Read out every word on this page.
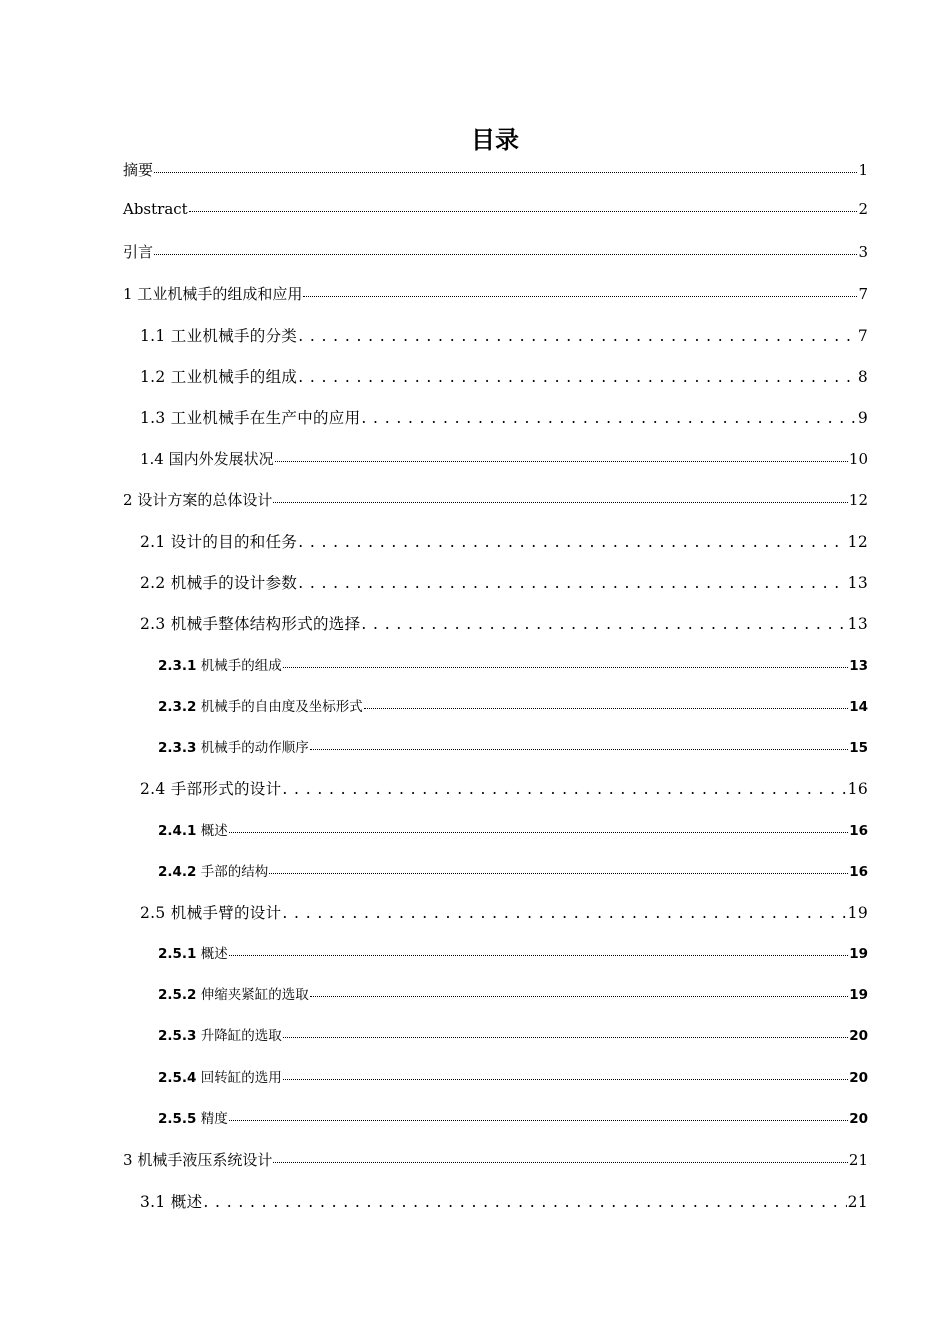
目录
摘要	1
Abstract	2
引言	3
1 工业机械手的组成和应用	7
1.1 工业机械手的分类 . . .	7
1.2 工业机械手的组成 . . .	8
1.3 工业机械手在生产中的应用 . . .	9
1.4 国内外发展状况	10
2 设计方案的总体设计	12
2.1 设计的目的和任务 . . .	12
2.2 机械手的设计参数 . . .	13
2.3 机械手整体结构形式的选择 . . .	13
2.3.1 机械手的组成	13
2.3.2 机械手的自由度及坐标形式	14
2.3.3 机械手的动作顺序	15
2.4 手部形式的设计 . . .	16
2.4.1 概述	16
2.4.2 手部的结构	16
2.5 机械手臂的设计 . . .	19
2.5.1 概述	19
2.5.2 伸缩夹紧缸的选取	19
2.5.3 升降缸的选取	20
2.5.4 回转缸的选用	20
2.5.5 精度	20
3 机械手液压系统设计	21
3.1 概述 . . .	21
